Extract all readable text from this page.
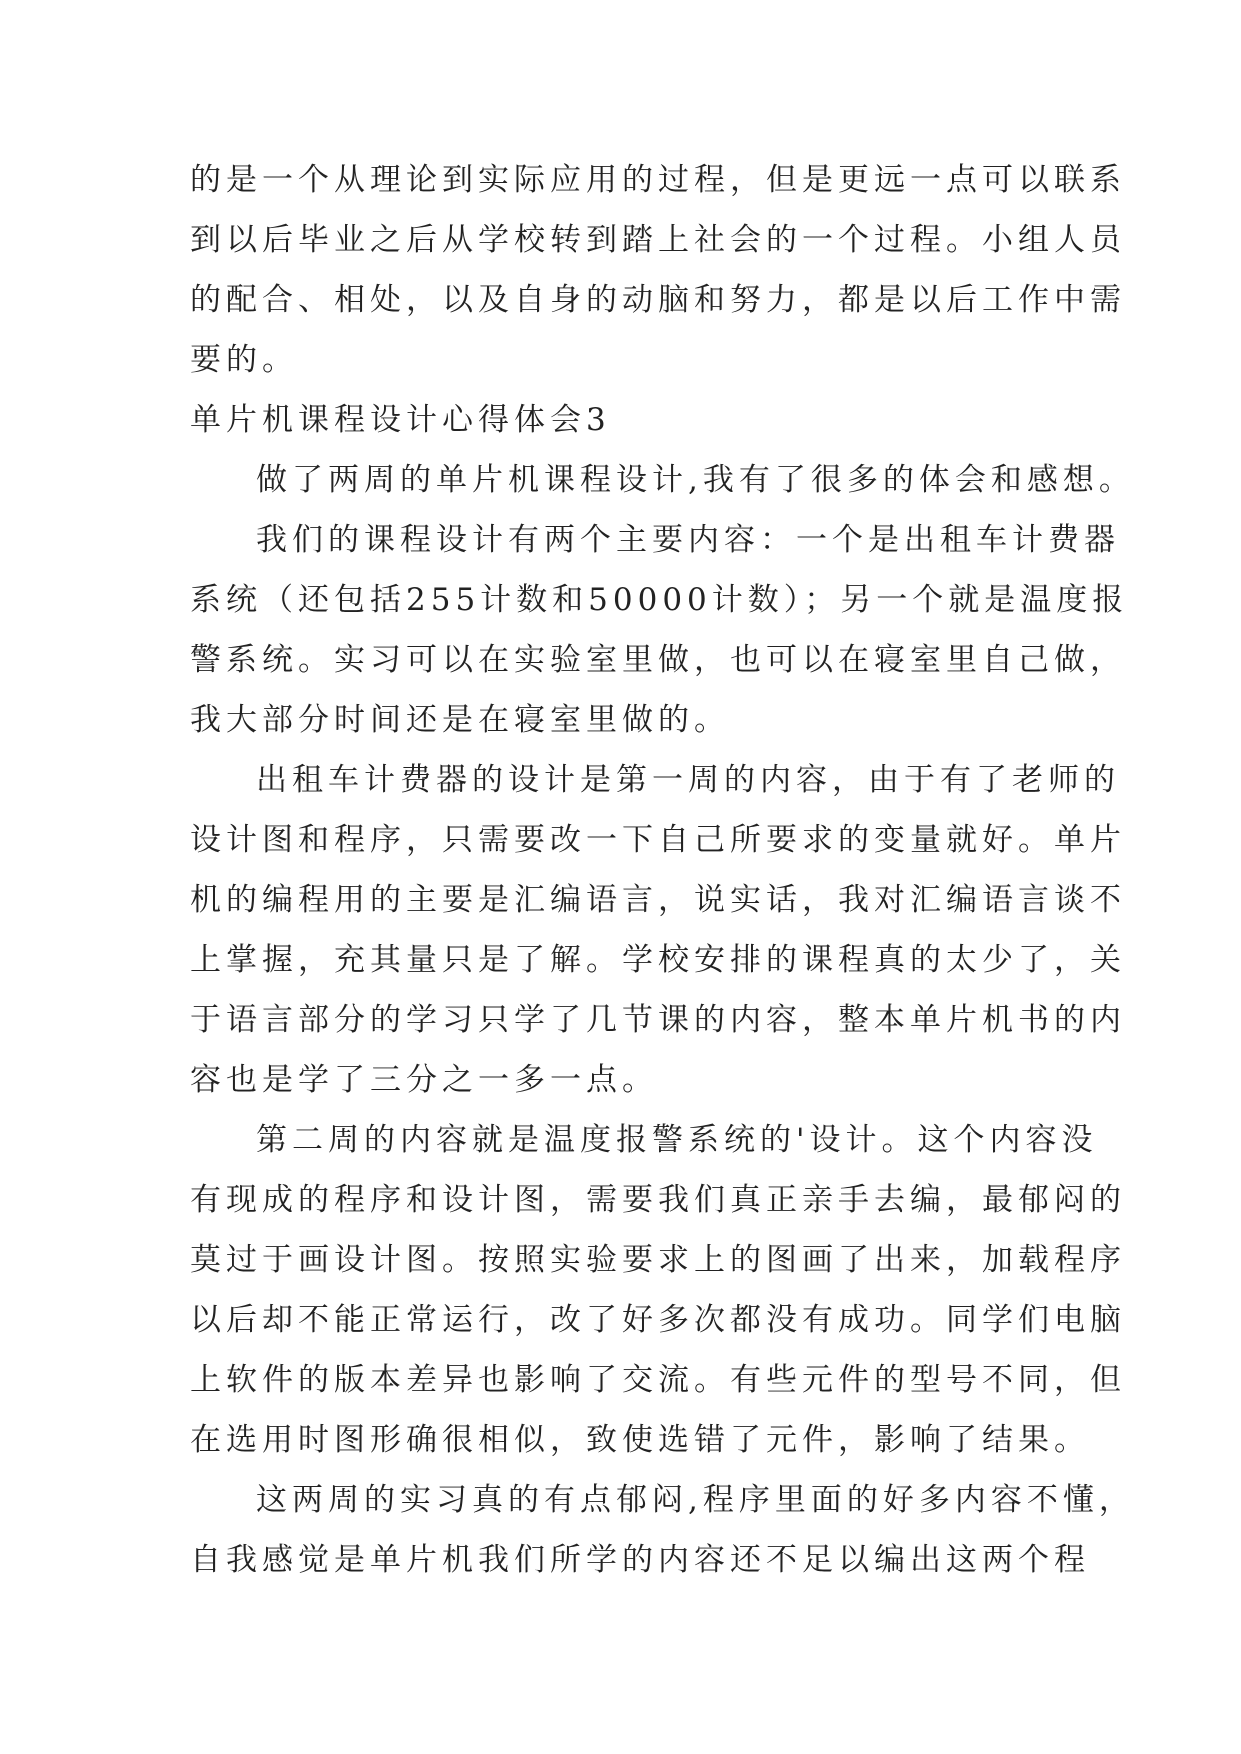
的是一个从理论到实际应用的过程，但是更远一点可以联系
到以后毕业之后从学校转到踏上社会的一个过程。小组人员
的配合、相处，以及自身的动脑和努力，都是以后工作中需
要的。
单片机课程设计心得体会3
做了两周的单片机课程设计,我有了很多的体会和感想。
我们的课程设计有两个主要内容：一个是出租车计费器
系统（还包括255计数和50000计数）；另一个就是温度报
警系统。实习可以在实验室里做，也可以在寝室里自己做，
我大部分时间还是在寝室里做的。
出租车计费器的设计是第一周的内容，由于有了老师的
设计图和程序，只需要改一下自己所要求的变量就好。单片
机的编程用的主要是汇编语言，说实话，我对汇编语言谈不
上掌握，充其量只是了解。学校安排的课程真的太少了，关
于语言部分的学习只学了几节课的内容，整本单片机书的内
容也是学了三分之一多一点。
第二周的内容就是温度报警系统的'设计。这个内容没
有现成的程序和设计图，需要我们真正亲手去编，最郁闷的
莫过于画设计图。按照实验要求上的图画了出来，加载程序
以后却不能正常运行，改了好多次都没有成功。同学们电脑
上软件的版本差异也影响了交流。有些元件的型号不同，但
在选用时图形确很相似，致使选错了元件，影响了结果。
这两周的实习真的有点郁闷,程序里面的好多内容不懂，
自我感觉是单片机我们所学的内容还不足以编出这两个程
